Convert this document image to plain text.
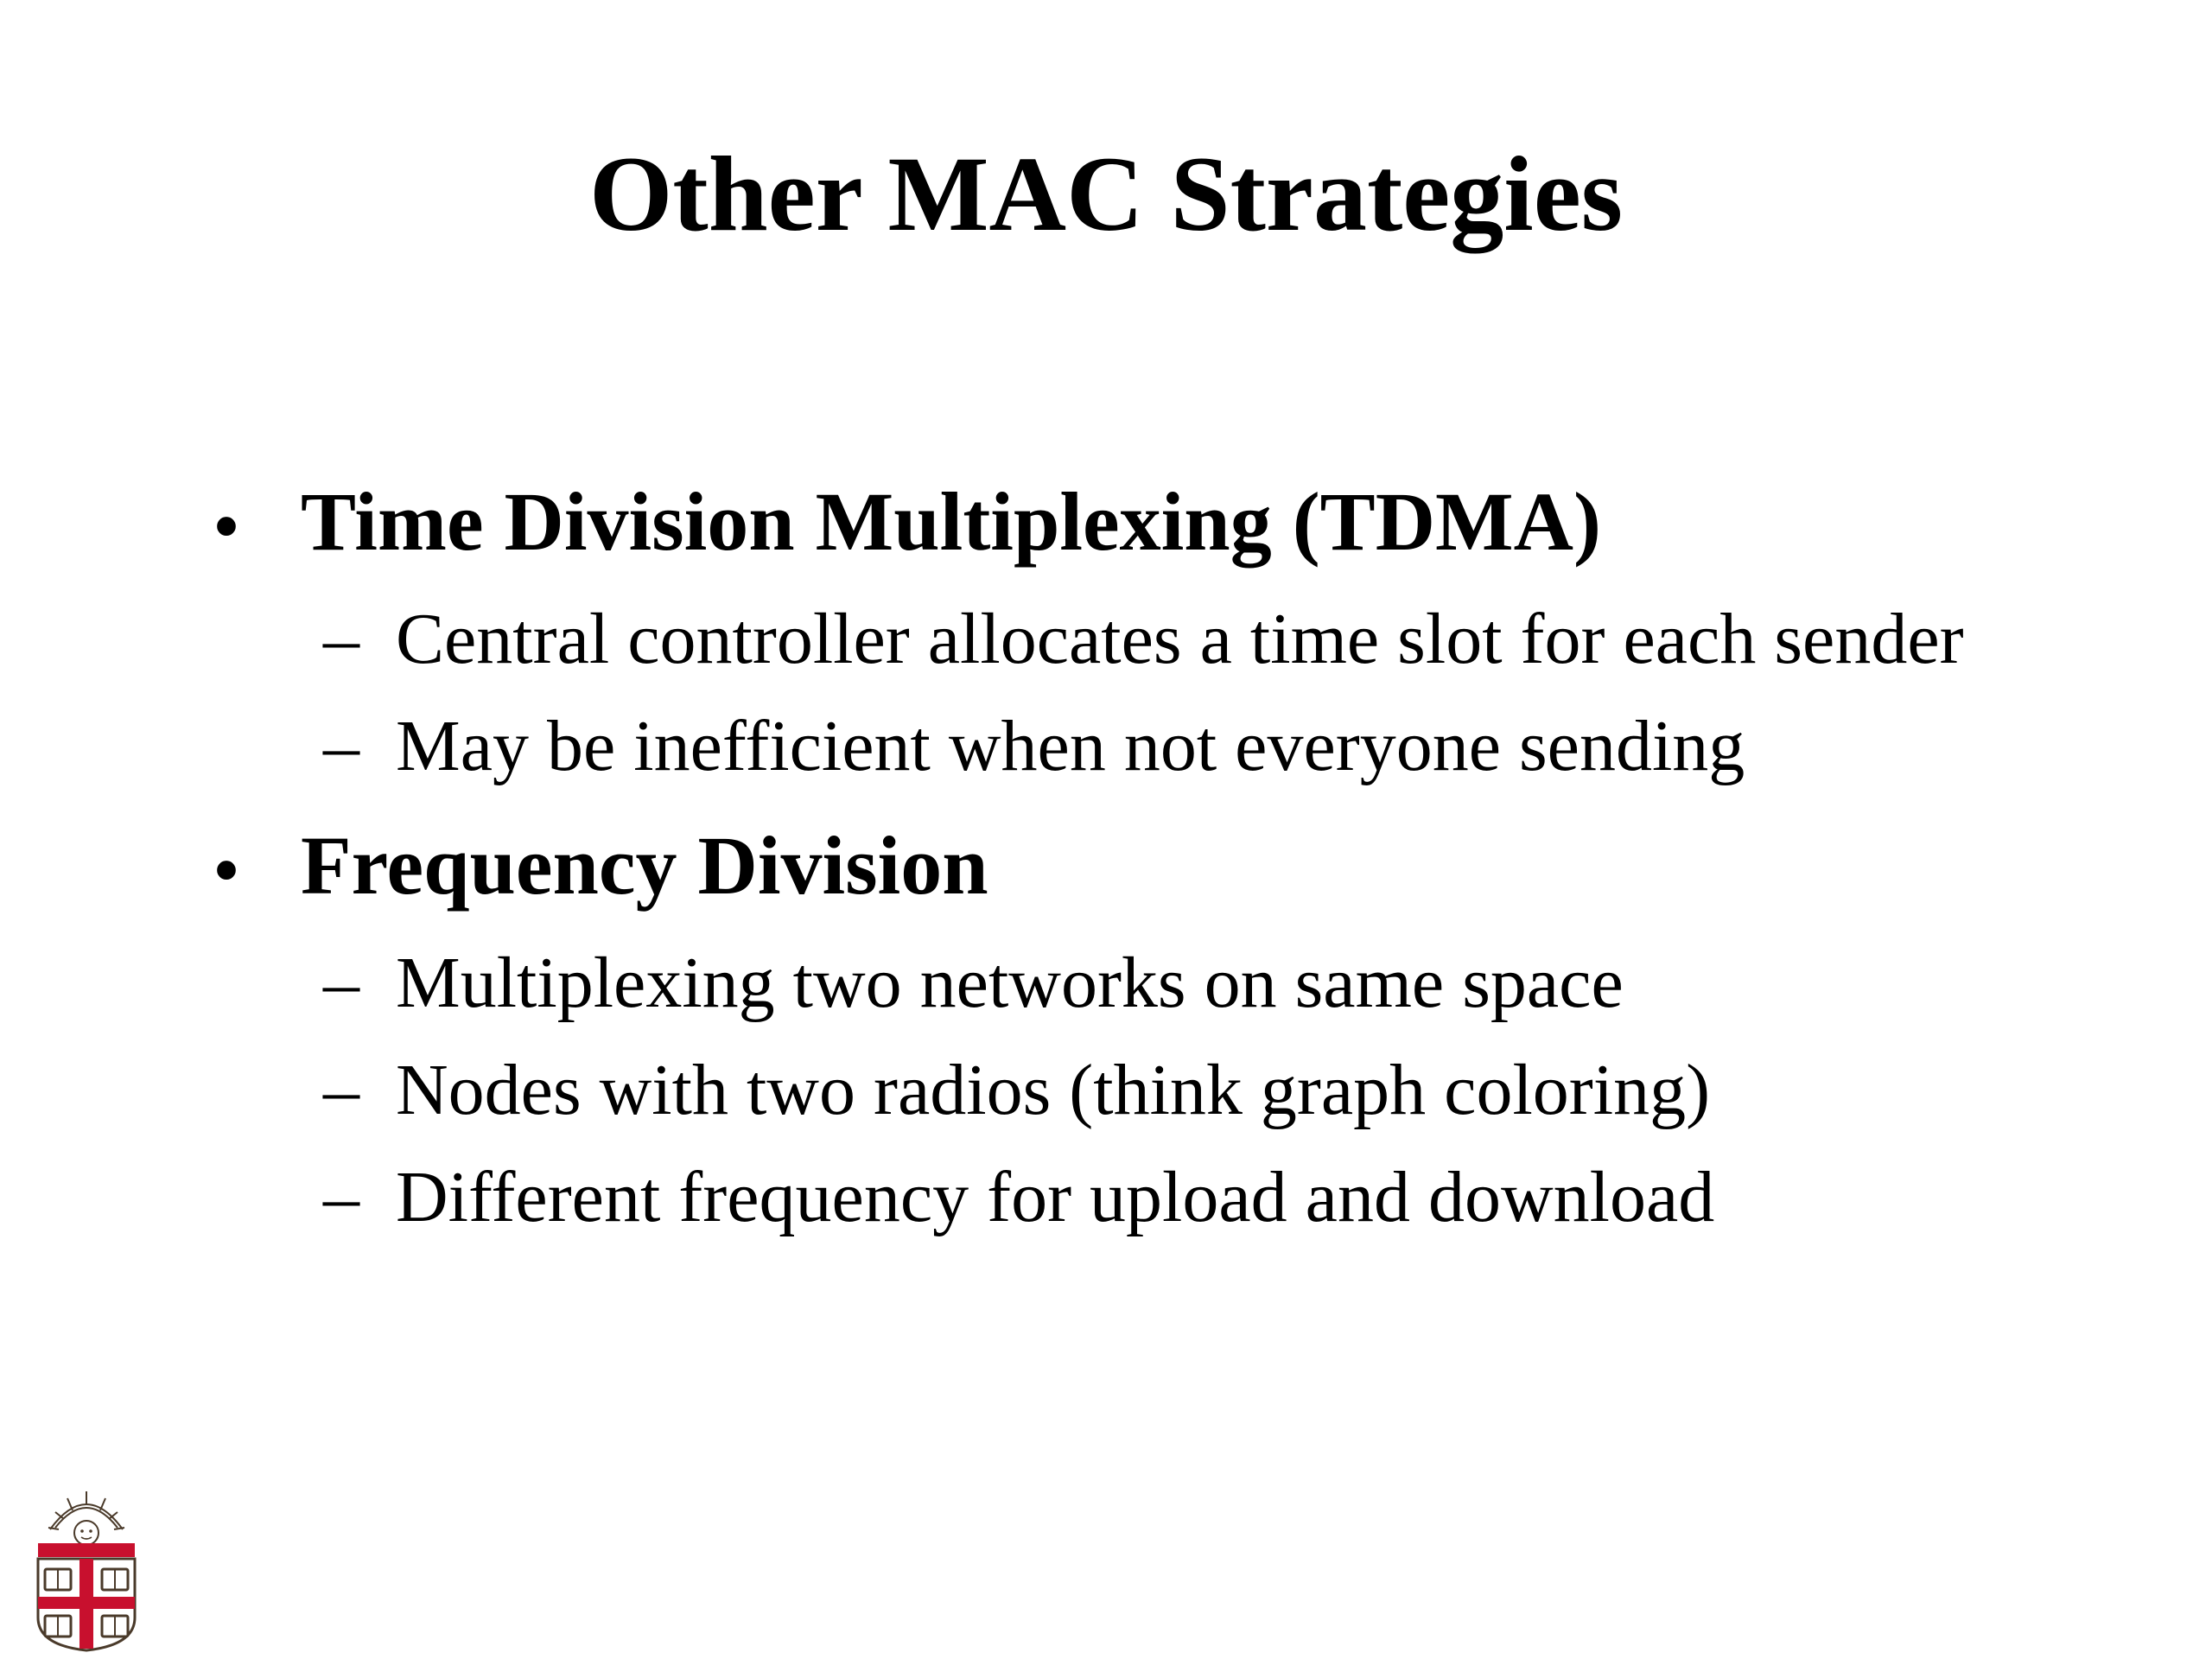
Other MAC Strategies
• Time Division Multiplexing (TDMA)
– Central controller allocates a time slot for each sender
– May be inefficient when not everyone sending
• Frequency Division
– Multiplexing two networks on same space
– Nodes with two radios (think graph coloring)
– Different frequency for upload and download
